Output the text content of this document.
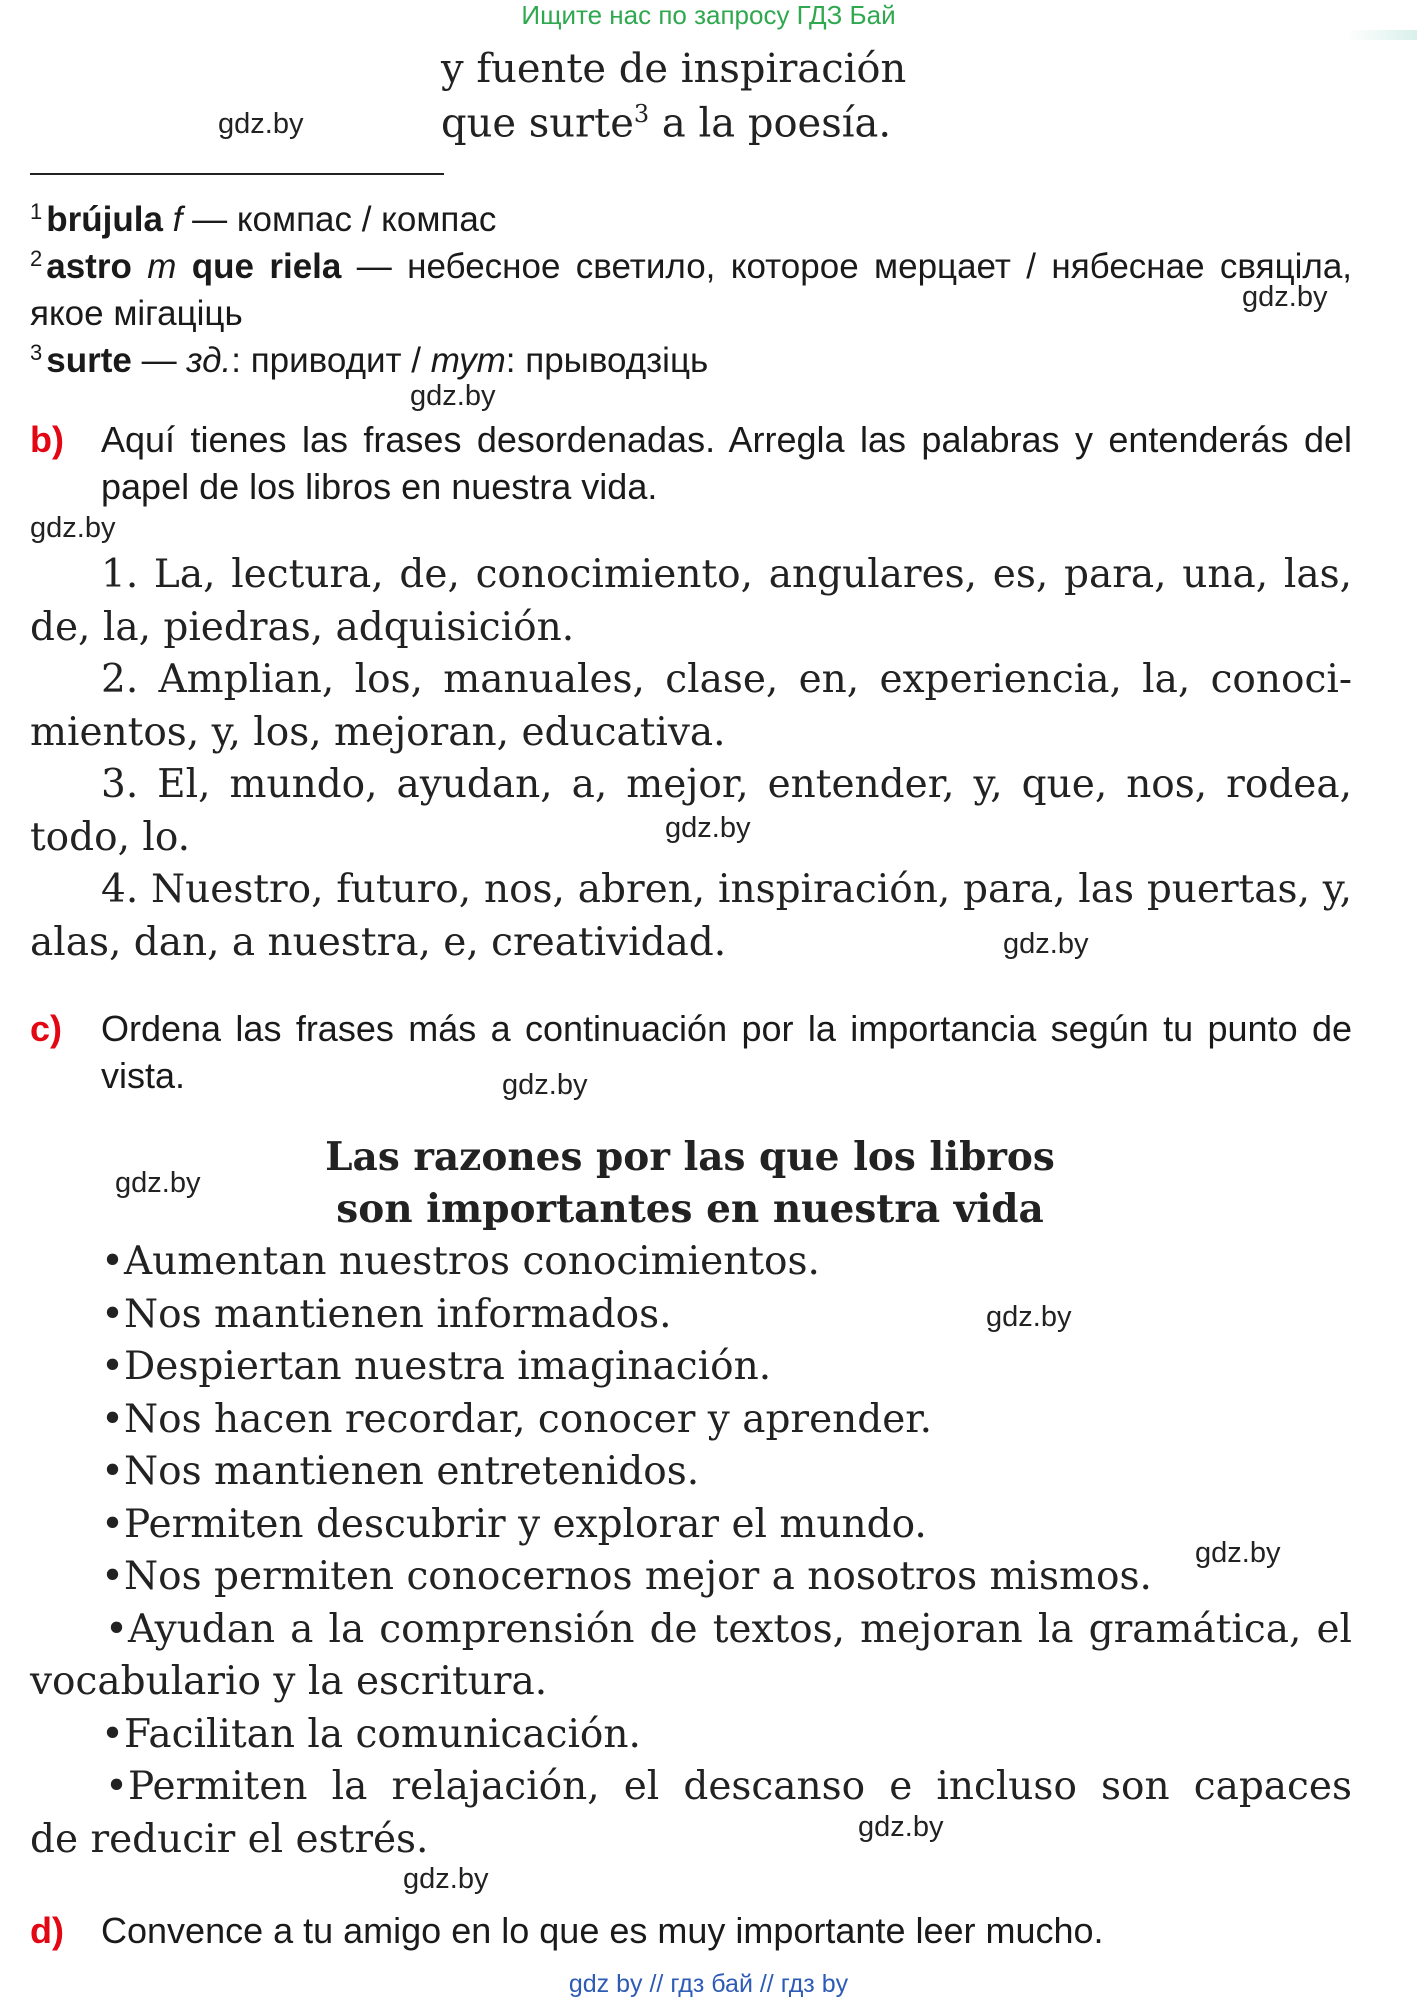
Ищите нас по запросу ГДЗ Бай
y fuente de inspiración
que surte$^3$ a la poesía.
$^1$ brújula f — компас / компас
$^2$ astro m que riela — небесное светило, которое мерцает / нябеснае свяціла, якое мігаціць
$^3$ surte — зд.: приводит / тут: прыводзіць
b) Aquí tienes las frases desordenadas. Arregla las palabras y entenderás del papel de los libros en nuestra vida.
1. La, lectura, de, conocimiento, angulares, es, para, una, las,
de, la, piedras, adquisición.
2. Amplian, los, manuales, clase, en, experiencia, la, conoci-
mientos, y, los, mejoran, educativa.
3. El, mundo, ayudan, a, mejor, entender, y, que, nos, rodea,
todo, lo.
4. Nuestro, futuro, nos, abren, inspiración, para, las puertas, y,
alas, dan, a nuestra, e, creatividad.
c) Ordena las frases más a continuación por la importancia según tu punto de vista.
Las razones por las que los libros
son importantes en nuestra vida
•Aumentan nuestros conocimientos.
•Nos mantienen informados.
•Despiertan nuestra imaginación.
•Nos hacen recordar, conocer y aprender.
•Nos mantienen entretenidos.
•Permiten descubrir y explorar el mundo.
•Nos permiten conocernos mejor a nosotros mismos.
•Ayudan a la comprensión de textos, mejoran la gramática, el
vocabulario y la escritura.
•Facilitan la comunicación.
•Permiten la relajación, el descanso e incluso son capaces
de reducir el estrés.
d) Convence a tu amigo en lo que es muy importante leer mucho.
gdz.by
gdz.by
gdz.by
gdz.by
gdz.by
gdz.by
gdz.by
gdz.by
gdz.by
gdz.by
gdz.by
gdz.by
gdz by // гдз бай // гдз by
